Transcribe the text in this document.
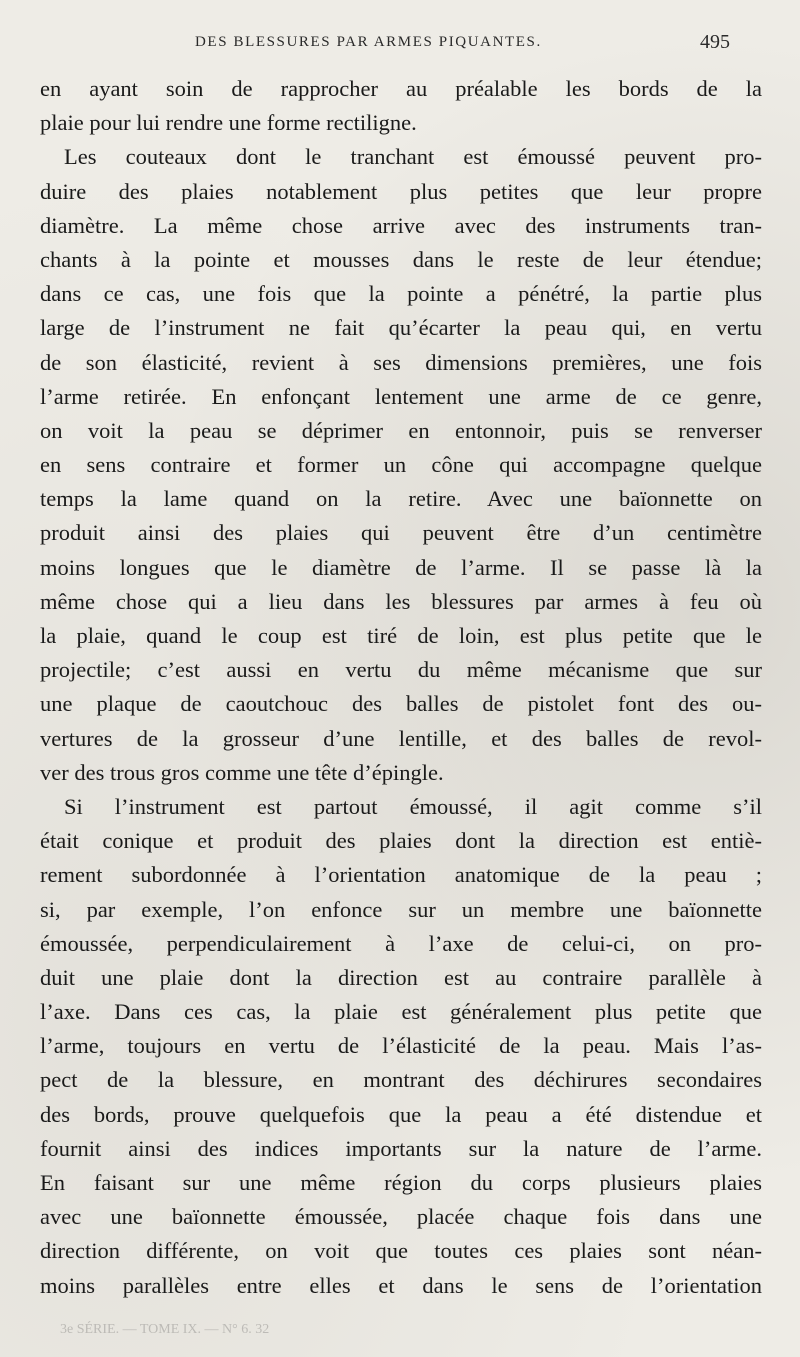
DES BLESSURES PAR ARMES PIQUANTES.	495
en ayant soin de rapprocher au préalable les bords de la
plaie pour lui rendre une forme rectiligne.
Les couteaux dont le tranchant est émoussé peuvent pro-
duire des plaies notablement plus petites que leur propre
diamètre. La même chose arrive avec des instruments tran-
chants à la pointe et mousses dans le reste de leur étendue;
dans ce cas, une fois que la pointe a pénétré, la partie plus
large de l’instrument ne fait qu’écarter la peau qui, en vertu
de son élasticité, revient à ses dimensions premières, une fois
l’arme retirée. En enfonçant lentement une arme de ce genre,
on voit la peau se déprimer en entonnoir, puis se renverser
en sens contraire et former un cône qui accompagne quelque
temps la lame quand on la retire. Avec une baïonnette on
produit ainsi des plaies qui peuvent être d’un centimètre
moins longues que le diamètre de l’arme. Il se passe là la
même chose qui a lieu dans les blessures par armes à feu où
la plaie, quand le coup est tiré de loin, est plus petite que le
projectile; c’est aussi en vertu du même mécanisme que sur
une plaque de caoutchouc des balles de pistolet font des ou-
vertures de la grosseur d’une lentille, et des balles de revol-
ver des trous gros comme une tête d’épingle.
Si l’instrument est partout émoussé, il agit comme s’il
était conique et produit des plaies dont la direction est entiè-
rement subordonnée à l’orientation anatomique de la peau ;
si, par exemple, l’on enfonce sur un membre une baïonnette
émoussée, perpendiculairement à l’axe de celui-ci, on pro-
duit une plaie dont la direction est au contraire parallèle à
l’axe. Dans ces cas, la plaie est généralement plus petite que
l’arme, toujours en vertu de l’élasticité de la peau. Mais l’as-
pect de la blessure, en montrant des déchirures secondaires
des bords, prouve quelquefois que la peau a été distendue et
fournit ainsi des indices importants sur la nature de l’arme.
En faisant sur une même région du corps plusieurs plaies
avec une baïonnette émoussée, placée chaque fois dans une
direction différente, on voit que toutes ces plaies sont néan-
moins parallèles entre elles et dans le sens de l’orientation
3e SÉRIE. — TOME IX. — N° 6. 32
